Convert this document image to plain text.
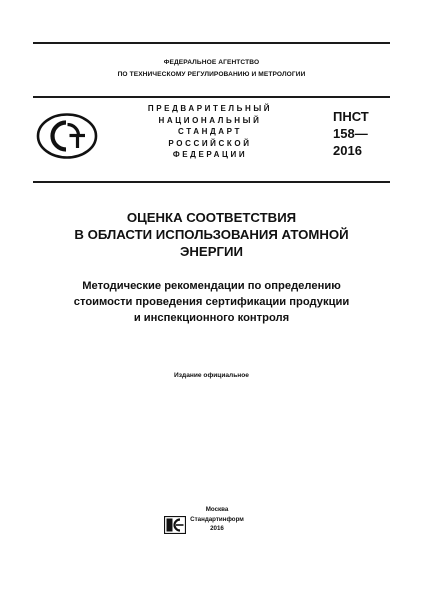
ФЕДЕРАЛЬНОЕ АГЕНТСТВО
ПО ТЕХНИЧЕСКОМУ РЕГУЛИРОВАНИЮ И МЕТРОЛОГИИ
ПРЕДВАРИТЕЛЬНЫЙ
НАЦИОНАЛЬНЫЙ
СТАНДАРТ
РОССИЙСКОЙ
ФЕДЕРАЦИИ
ПНСТ
158—
2016
ОЦЕНКА СООТВЕТСТВИЯ
В ОБЛАСТИ ИСПОЛЬЗОВАНИЯ АТОМНОЙ
ЭНЕРГИИ
Методические рекомендации по определению
стоимости проведения сертификации продукции
и инспекционного контроля
Издание официальное
Москва
Стандартинформ
2016
